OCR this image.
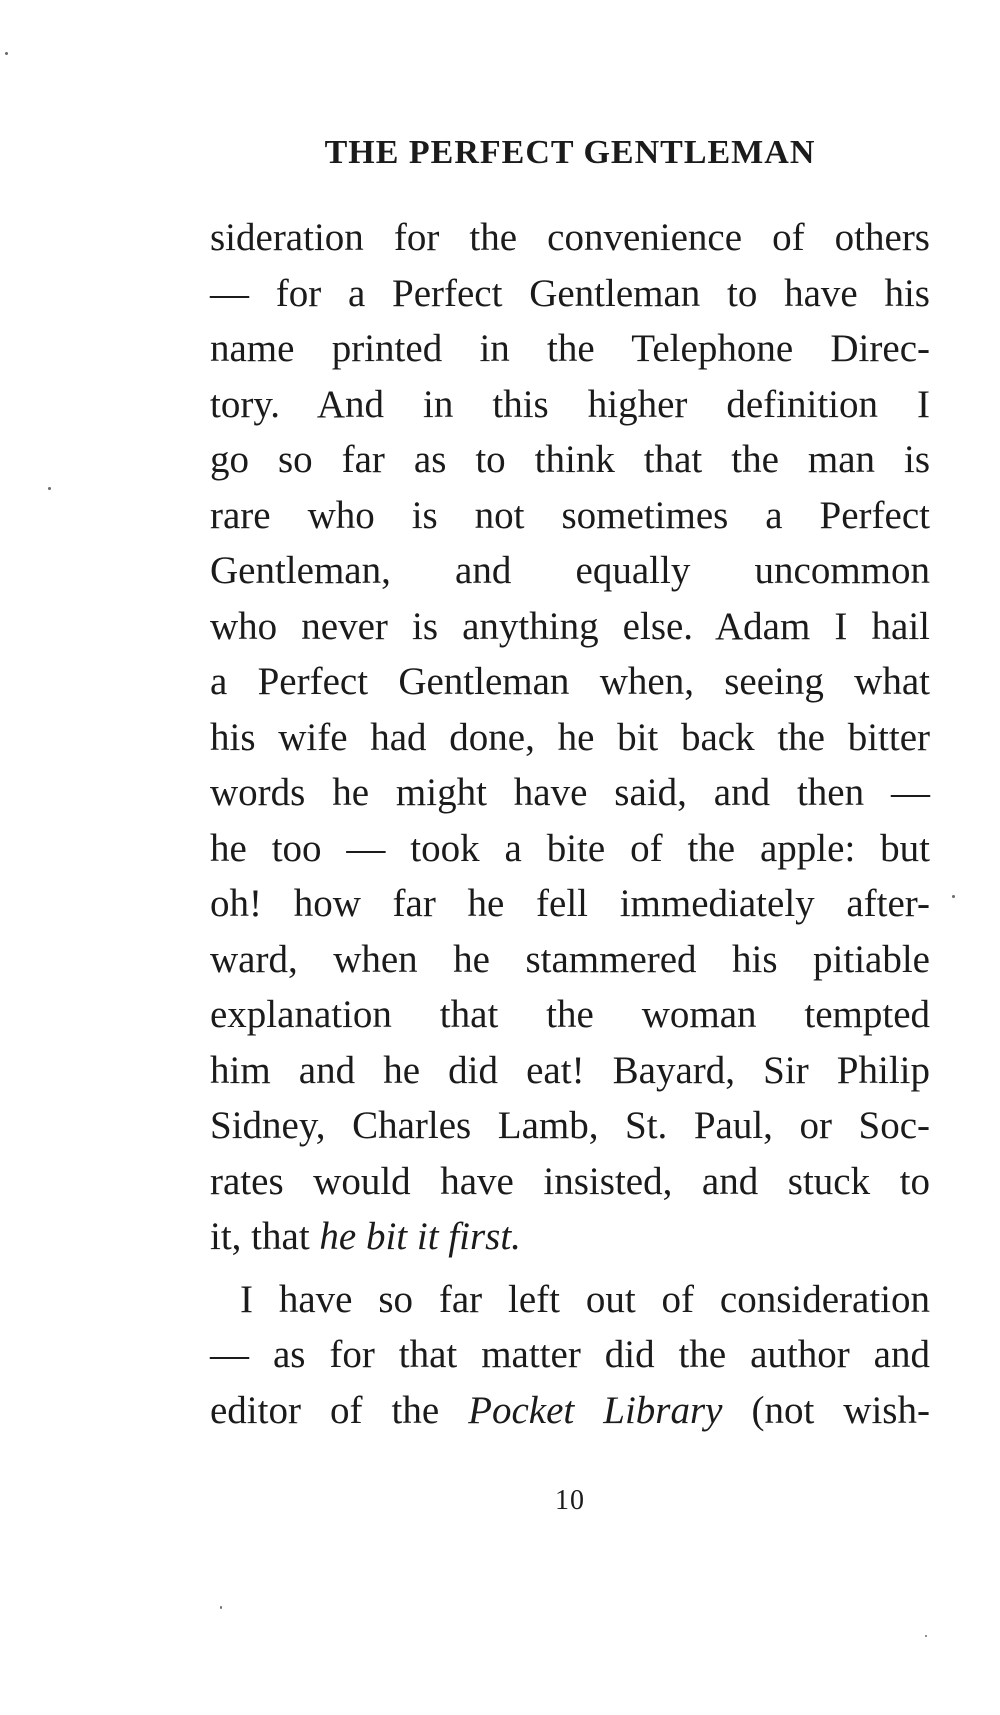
THE PERFECT GENTLEMAN
sideration for the convenience of others
— for a Perfect Gentleman to have his
name printed in the Telephone Direc-
tory. And in this higher definition I
go so far as to think that the man is
rare who is not sometimes a Perfect
Gentleman, and equally uncommon
who never is anything else. Adam I hail
a Perfect Gentleman when, seeing what
his wife had done, he bit back the bitter
words he might have said, and then —
he too — took a bite of the apple: but
oh! how far he fell immediately after-
ward, when he stammered his pitiable
explanation that the woman tempted
him and he did eat! Bayard, Sir Philip
Sidney, Charles Lamb, St. Paul, or Soc-
rates would have insisted, and stuck to
it, that he bit it first.
I have so far left out of consideration
— as for that matter did the author and
editor of the Pocket Library (not wish-
10
